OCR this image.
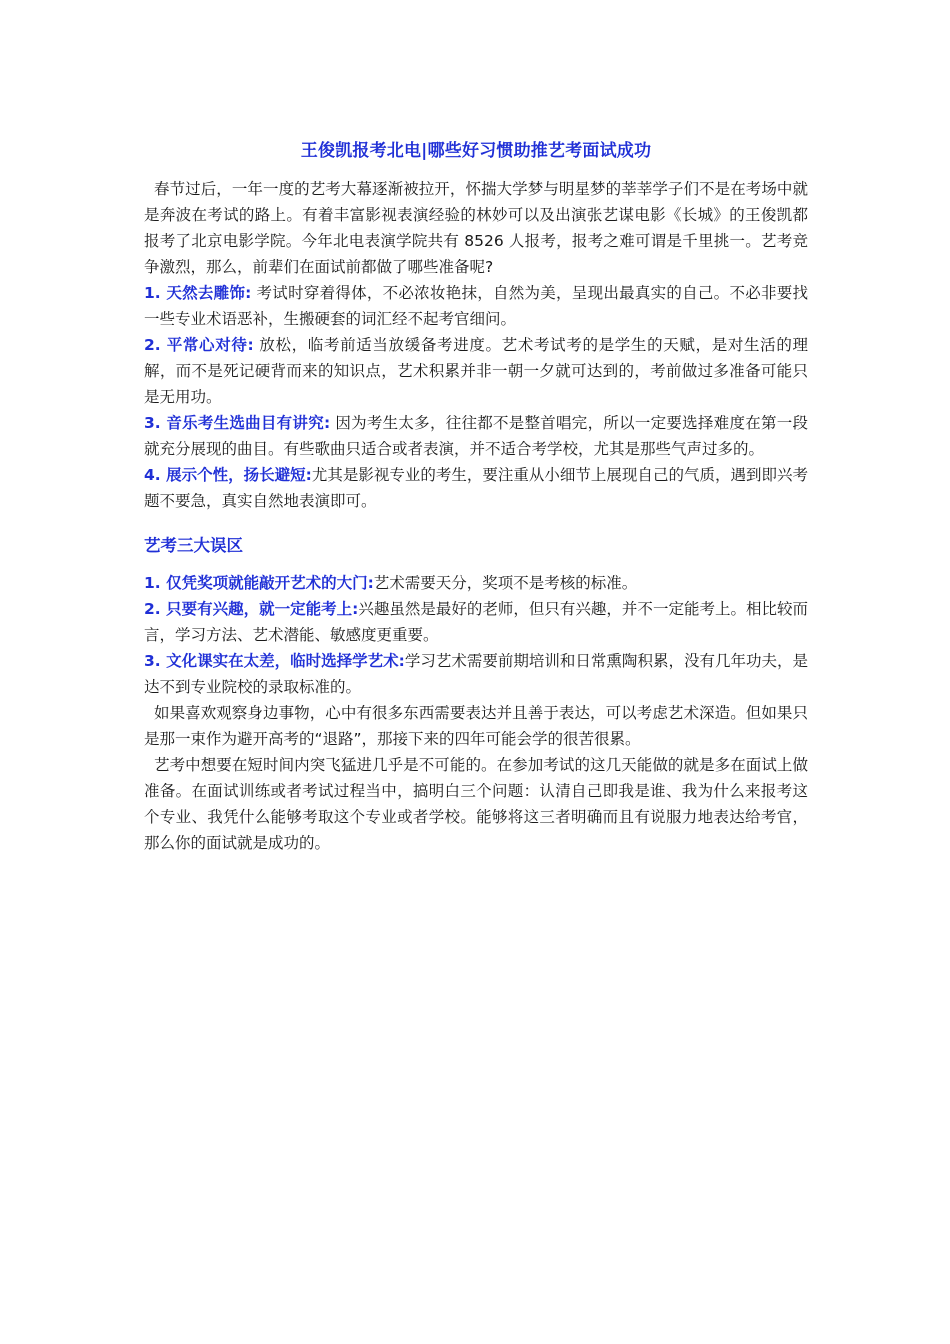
王俊凯报考北电|哪些好习惯助推艺考面试成功

春节过后，一年一度的艺考大幕逐渐被拉开，怀揣大学梦与明星梦的莘莘学子们不是在考场中就是奔波在考试的路上。有着丰富影视表演经验的林妙可以及出演张艺谋电影《长城》的王俊凯都报考了北京电影学院。今年北电表演学院共有 8526 人报考，报考之难可谓是千里挑一。艺考竞争激烈，那么，前辈们在面试前都做了哪些准备呢?

1. 天然去雕饰: 考试时穿着得体，不必浓妆艳抹，自然为美，呈现出最真实的自己。不必非要找一些专业术语恶补，生搬硬套的词汇经不起考官细问。

2. 平常心对待: 放松，临考前适当放缓备考进度。艺术考试考的是学生的天赋，是对生活的理解，而不是死记硬背而来的知识点，艺术积累并非一朝一夕就可达到的，考前做过多准备可能只是无用功。

3. 音乐考生选曲目有讲究: 因为考生太多，往往都不是整首唱完，所以一定要选择难度在第一段就充分展现的曲目。有些歌曲只适合或者表演，并不适合考学校，尤其是那些气声过多的。

4. 展示个性，扬长避短:尤其是影视专业的考生，要注重从小细节上展现自己的气质，遇到即兴考题不要急，真实自然地表演即可。

艺考三大误区

1. 仅凭奖项就能敲开艺术的大门:艺术需要天分，奖项不是考核的标准。

2. 只要有兴趣，就一定能考上:兴趣虽然是最好的老师，但只有兴趣，并不一定能考上。相比较而言，学习方法、艺术潜能、敏感度更重要。

3. 文化课实在太差，临时选择学艺术:学习艺术需要前期培训和日常熏陶积累，没有几年功夫，是达不到专业院校的录取标准的。

如果喜欢观察身边事物，心中有很多东西需要表达并且善于表达，可以考虑艺术深造。但如果只是那一束作为避开高考的“退路”，那接下来的四年可能会学的很苦很累。

艺考中想要在短时间内突飞猛进几乎是不可能的。在参加考试的这几天能做的就是多在面试上做准备。在面试训练或者考试过程当中，搞明白三个问题：认清自己即我是谁、我为什么来报考这个专业、我凭什么能够考取这个专业或者学校。能够将这三者明确而且有说服力地表达给考官，那么你的面试就是成功的。
